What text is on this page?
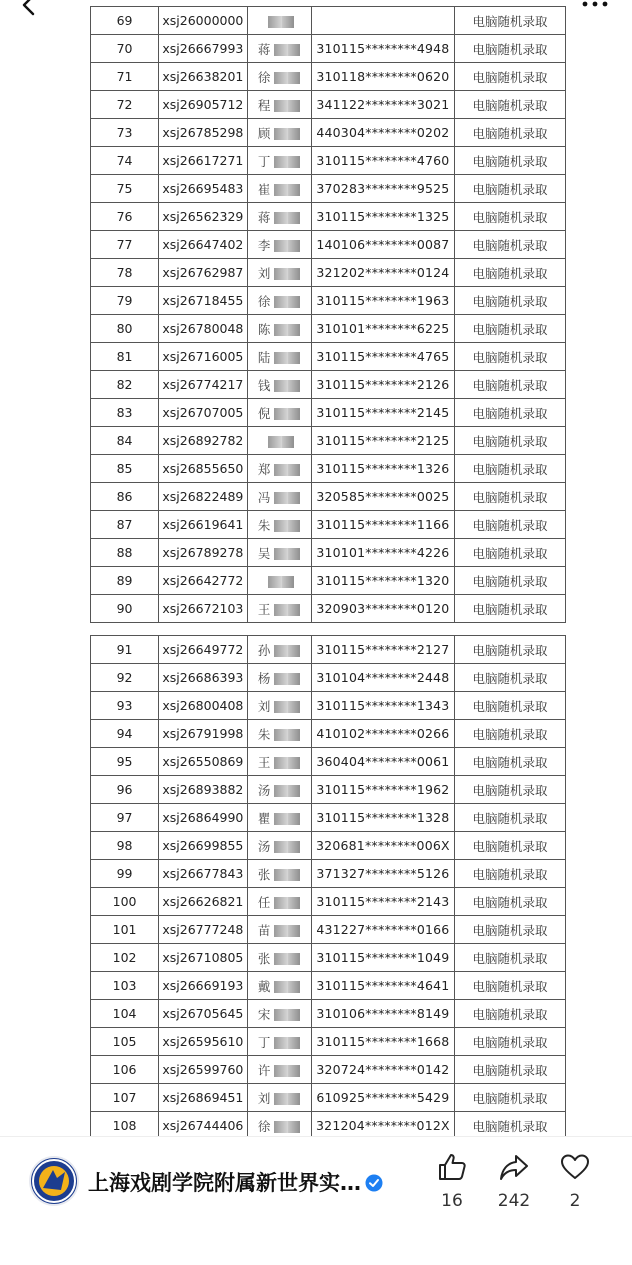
69	xsj26000000			电脑随机录取
70	xsj26667993	蒋	310115********4948	电脑随机录取
71	xsj26638201	徐	310118********0620	电脑随机录取
72	xsj26905712	程	341122********3021	电脑随机录取
73	xsj26785298	顾	440304********0202	电脑随机录取
74	xsj26617271	丁	310115********4760	电脑随机录取
75	xsj26695483	崔	370283********9525	电脑随机录取
76	xsj26562329	蒋	310115********1325	电脑随机录取
77	xsj26647402	李	140106********0087	电脑随机录取
78	xsj26762987	刘	321202********0124	电脑随机录取
79	xsj26718455	徐	310115********1963	电脑随机录取
80	xsj26780048	陈	310101********6225	电脑随机录取
81	xsj26716005	陆	310115********4765	电脑随机录取
82	xsj26774217	钱	310115********2126	电脑随机录取
83	xsj26707005	倪	310115********2145	电脑随机录取
84	xsj26892782		310115********2125	电脑随机录取
85	xsj26855650	郑	310115********1326	电脑随机录取
86	xsj26822489	冯	320585********0025	电脑随机录取
87	xsj26619641	朱	310115********1166	电脑随机录取
88	xsj26789278	吴	310101********4226	电脑随机录取
89	xsj26642772		310115********1320	电脑随机录取
90	xsj26672103	王	320903********0120	电脑随机录取
91	xsj26649772	孙	310115********2127	电脑随机录取
92	xsj26686393	杨	310104********2448	电脑随机录取
93	xsj26800408	刘	310115********1343	电脑随机录取
94	xsj26791998	朱	410102********0266	电脑随机录取
95	xsj26550869	王	360404********0061	电脑随机录取
96	xsj26893882	汤	310115********1962	电脑随机录取
97	xsj26864990	瞿	310115********1328	电脑随机录取
98	xsj26699855	汤	320681********006X	电脑随机录取
99	xsj26677843	张	371327********5126	电脑随机录取
100	xsj26626821	任	310115********2143	电脑随机录取
101	xsj26777248	苗	431227********0166	电脑随机录取
102	xsj26710805	张	310115********1049	电脑随机录取
103	xsj26669193	戴	310115********4641	电脑随机录取
104	xsj26705645	宋	310106********8149	电脑随机录取
105	xsj26595610	丁	310115********1668	电脑随机录取
106	xsj26599760	许	320724********0142	电脑随机录取
107	xsj26869451	刘	610925********5429	电脑随机录取
108	xsj26744406	徐	321204********012X	电脑随机录取
上海戏剧学院附属新世界实…
16	242	2
